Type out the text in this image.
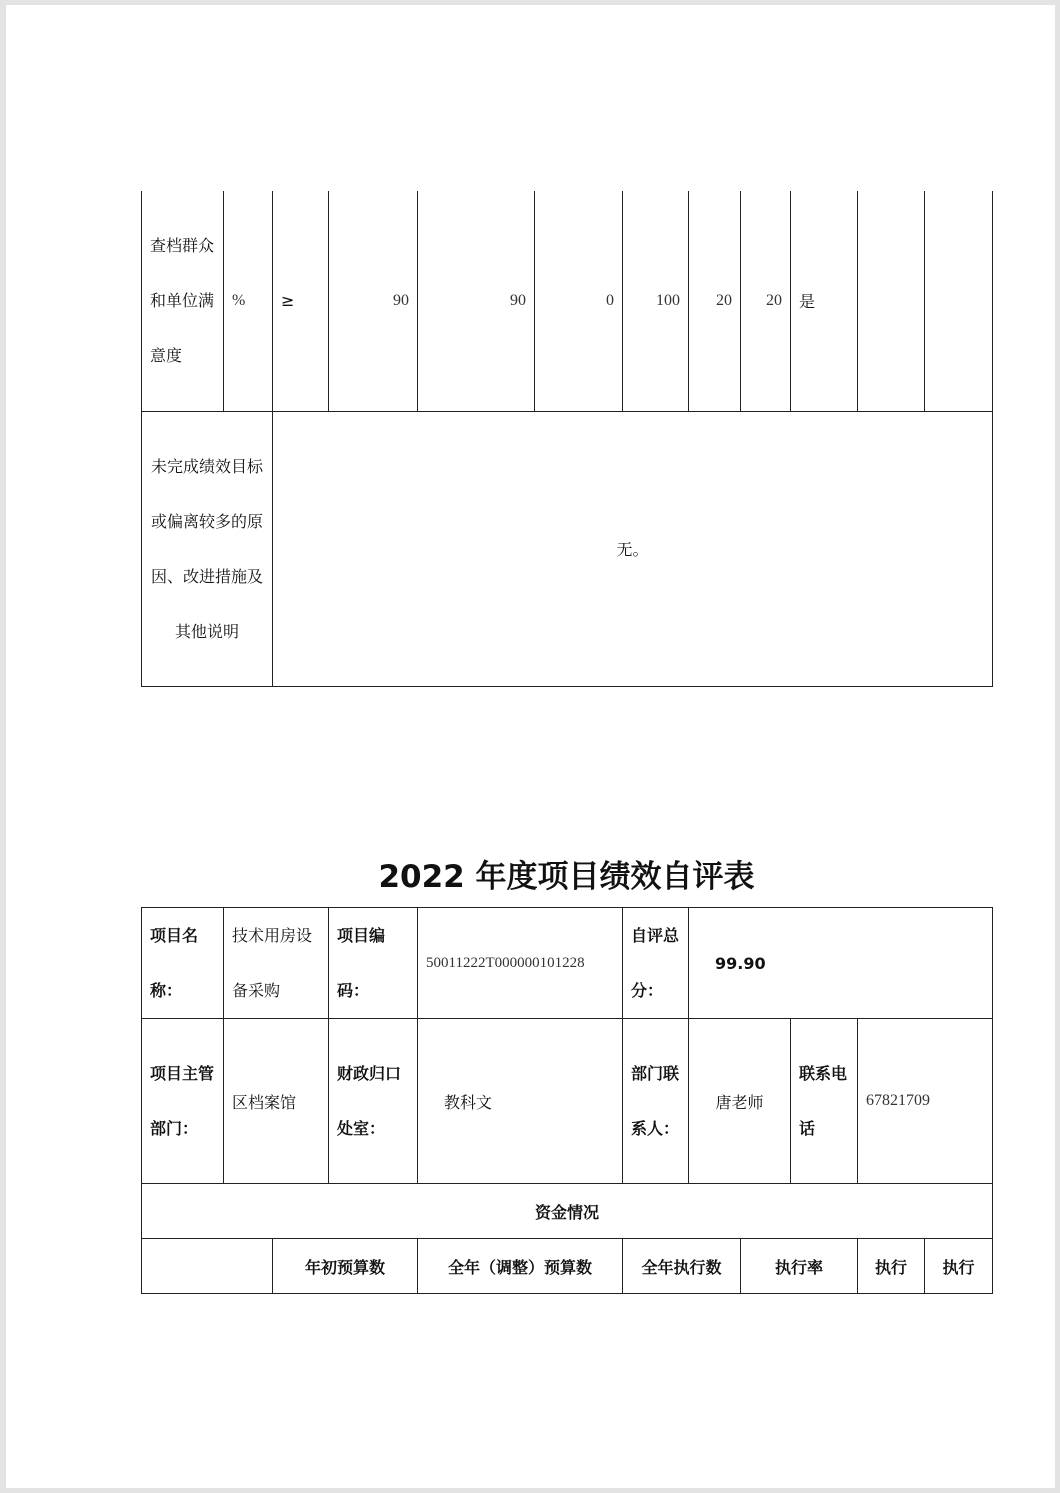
查档群众和单位满意度	%	≥	90	90	0	100	20	20	是		
未完成绩效目标或偏离较多的原因、改进措施及其他说明		无。									
2022 年度项目绩效自评表
项目名称：	技术用房设备采购		项目编码：	50011222T000000101228	自评总分：	99.90				
项目主管部门：	区档案馆		财政归口处室：	教科文	部门联系人：	唐老师		联系电话	67821709	
资金情况										
		年初预算数		全年（调整）预算数	全年执行数		执行率		执行	执行
